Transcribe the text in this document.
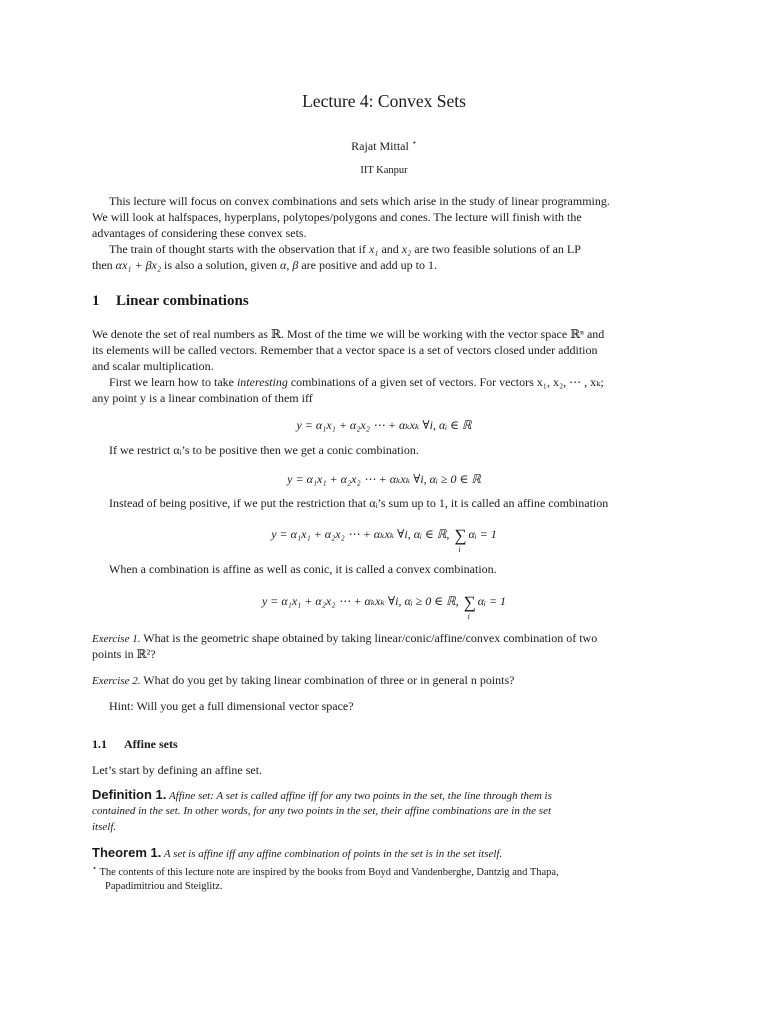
Lecture 4: Convex Sets
Rajat Mittal ⋆
IIT Kanpur
This lecture will focus on convex combinations and sets which arise in the study of linear programming.
We will look at halfspaces, hyperplans, polytopes/polygons and cones. The lecture will finish with the
advantages of considering these convex sets.
The train of thought starts with the observation that if x₁ and x₂ are two feasible solutions of an LP
then αx₁ + βx₂ is also a solution, given α, β are positive and add up to 1.
1 Linear combinations
We denote the set of real numbers as ℝ. Most of the time we will be working with the vector space ℝⁿ and
its elements will be called vectors. Remember that a vector space is a set of vectors closed under addition
and scalar multiplication.
First we learn how to take interesting combinations of a given set of vectors. For vectors x₁, x₂, ⋯ , xₖ;
any point y is a linear combination of them iff
y = α₁x₁ + α₂x₂ ⋯ + αₖxₖ ∀i, αᵢ ∈ ℝ
If we restrict αᵢ’s to be positive then we get a conic combination.
y = α₁x₁ + α₂x₂ ⋯ + αₖxₖ ∀i, αᵢ ≥ 0 ∈ ℝ
Instead of being positive, if we put the restriction that αᵢ’s sum up to 1, it is called an affine combination
y = α₁x₁ + α₂x₂ ⋯ + αₖxₖ ∀i, αᵢ ∈ ℝ, ∑
i
αᵢ = 1
When a combination is affine as well as conic, it is called a convex combination.
y = α₁x₁ + α₂x₂ ⋯ + αₖxₖ ∀i, αᵢ ≥ 0 ∈ ℝ, ∑
i
αᵢ = 1
Exercise 1. What is the geometric shape obtained by taking linear/conic/affine/convex combination of two
points in ℝ²?
Exercise 2. What do you get by taking linear combination of three or in general n points?
Hint: Will you get a full dimensional vector space?
1.1 Affine sets
Let’s start by defining an affine set.
Definition 1. Affine set: A set is called affine iff for any two points in the set, the line through them is
contained in the set. In other words, for any two points in the set, their affine combinations are in the set
itself.
Theorem 1. A set is affine iff any affine combination of points in the set is in the set itself.
⋆ The contents of this lecture note are inspired by the books from Boyd and Vandenberghe, Dantzig and Thapa,
Papadimitriou and Steiglitz.
